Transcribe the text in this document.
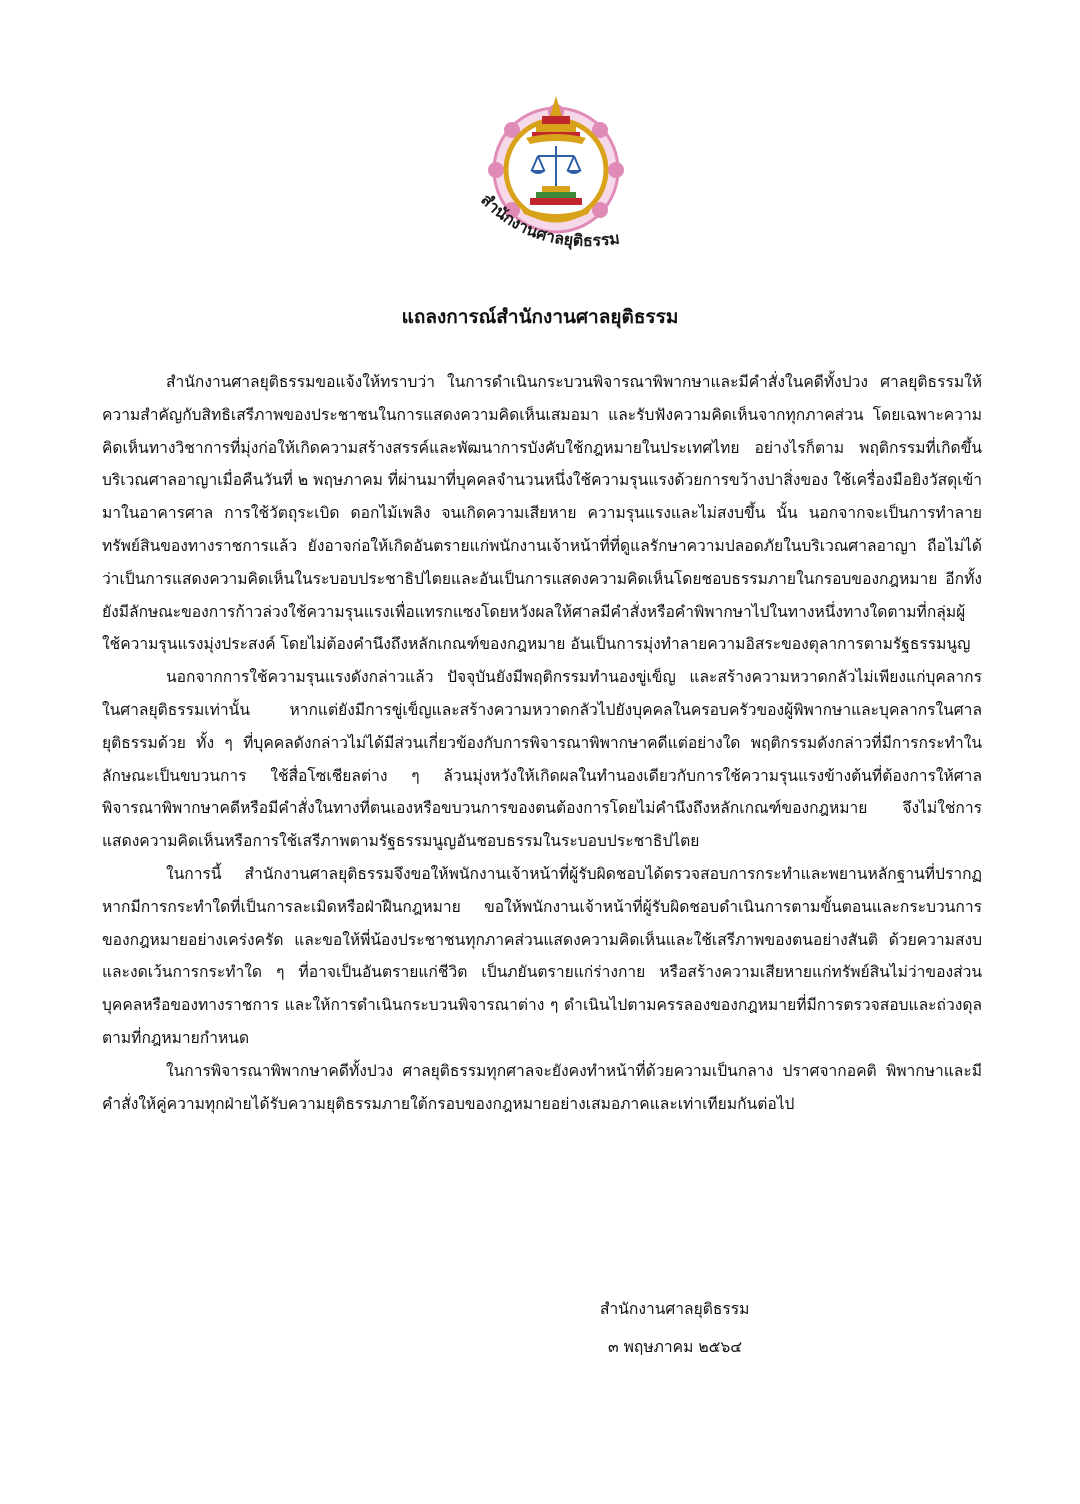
สำนักงานศาลยุติธรรม
แถลงการณ์สำนักงานศาลยุติธรรม

สำนักงานศาลยุติธรรมขอแจ้งให้ทราบว่า ในการดำเนินกระบวนพิจารณาพิพากษาและมีคำสั่งในคดีทั้งปวง ศาลยุติธรรมให้ความสำคัญกับสิทธิเสรีภาพของประชาชนในการแสดงความคิดเห็นเสมอมา และรับฟังความคิดเห็นจากทุกภาคส่วน โดยเฉพาะความคิดเห็นทางวิชาการที่มุ่งก่อให้เกิดความสร้างสรรค์และพัฒนาการบังคับใช้กฎหมายในประเทศไทย อย่างไรก็ตาม พฤติกรรมที่เกิดขึ้นบริเวณศาลอาญาเมื่อคืนวันที่ ๒ พฤษภาคม ที่ผ่านมาที่บุคคลจำนวนหนึ่งใช้ความรุนแรงด้วยการขว้างปาสิ่งของ ใช้เครื่องมือยิงวัสดุเข้ามาในอาคารศาล การใช้วัตถุระเบิด ดอกไม้เพลิง จนเกิดความเสียหาย ความรุนแรงและไม่สงบขึ้น นั้น นอกจากจะเป็นการทำลายทรัพย์สินของทางราชการแล้ว ยังอาจก่อให้เกิดอันตรายแก่พนักงานเจ้าหน้าที่ที่ดูแลรักษาความปลอดภัยในบริเวณศาลอาญา ถือไม่ได้ว่าเป็นการแสดงความคิดเห็นในระบอบประชาธิปไตยและอันเป็นการแสดงความคิดเห็นโดยชอบธรรมภายในกรอบของกฎหมาย อีกทั้งยังมีลักษณะของการก้าวล่วงใช้ความรุนแรงเพื่อแทรกแซงโดยหวังผลให้ศาลมีคำสั่งหรือคำพิพากษาไปในทางหนึ่งทางใดตามที่กลุ่มผู้ใช้ความรุนแรงมุ่งประสงค์ โดยไม่ต้องคำนึงถึงหลักเกณฑ์ของกฎหมาย อันเป็นการมุ่งทำลายความอิสระของตุลาการตามรัฐธรรมนูญ

นอกจากการใช้ความรุนแรงดังกล่าวแล้ว ปัจจุบันยังมีพฤติกรรมทำนองขู่เข็ญ และสร้างความหวาดกลัวไม่เพียงแก่บุคลากรในศาลยุติธรรมเท่านั้น หากแต่ยังมีการขู่เข็ญและสร้างความหวาดกลัวไปยังบุคคลในครอบครัวของผู้พิพากษาและบุคลากรในศาลยุติธรรมด้วย ทั้ง ๆ ที่บุคคลดังกล่าวไม่ได้มีส่วนเกี่ยวข้องกับการพิจารณาพิพากษาคดีแต่อย่างใด พฤติกรรมดังกล่าวที่มีการกระทำในลักษณะเป็นขบวนการ ใช้สื่อโซเชียลต่าง ๆ ล้วนมุ่งหวังให้เกิดผลในทำนองเดียวกับการใช้ความรุนแรงข้างต้นที่ต้องการให้ศาลพิจารณาพิพากษาคดีหรือมีคำสั่งในทางที่ตนเองหรือขบวนการของตนต้องการโดยไม่คำนึงถึงหลักเกณฑ์ของกฎหมาย จึงไม่ใช่การแสดงความคิดเห็นหรือการใช้เสรีภาพตามรัฐธรรมนูญอันชอบธรรมในระบอบประชาธิปไตย

ในการนี้ สำนักงานศาลยุติธรรมจึงขอให้พนักงานเจ้าหน้าที่ผู้รับผิดชอบได้ตรวจสอบการกระทำและพยานหลักฐานที่ปรากฏ หากมีการกระทำใดที่เป็นการละเมิดหรือฝ่าฝืนกฎหมาย ขอให้พนักงานเจ้าหน้าที่ผู้รับผิดชอบดำเนินการตามขั้นตอนและกระบวนการของกฎหมายอย่างเคร่งครัด และขอให้พี่น้องประชาชนทุกภาคส่วนแสดงความคิดเห็นและใช้เสรีภาพของตนอย่างสันติ ด้วยความสงบ และงดเว้นการกระทำใด ๆ ที่อาจเป็นอันตรายแก่ชีวิต เป็นภยันตรายแก่ร่างกาย หรือสร้างความเสียหายแก่ทรัพย์สินไม่ว่าของส่วนบุคคลหรือของทางราชการ และให้การดำเนินกระบวนพิจารณาต่าง ๆ ดำเนินไปตามครรลองของกฎหมายที่มีการตรวจสอบและถ่วงดุลตามที่กฎหมายกำหนด

ในการพิจารณาพิพากษาคดีทั้งปวง ศาลยุติธรรมทุกศาลจะยังคงทำหน้าที่ด้วยความเป็นกลาง ปราศจากอคติ พิพากษาและมีคำสั่งให้คู่ความทุกฝ่ายได้รับความยุติธรรมภายใต้กรอบของกฎหมายอย่างเสมอภาคและเท่าเทียมกันต่อไป

สำนักงานศาลยุติธรรม
๓ พฤษภาคม ๒๕๖๔
